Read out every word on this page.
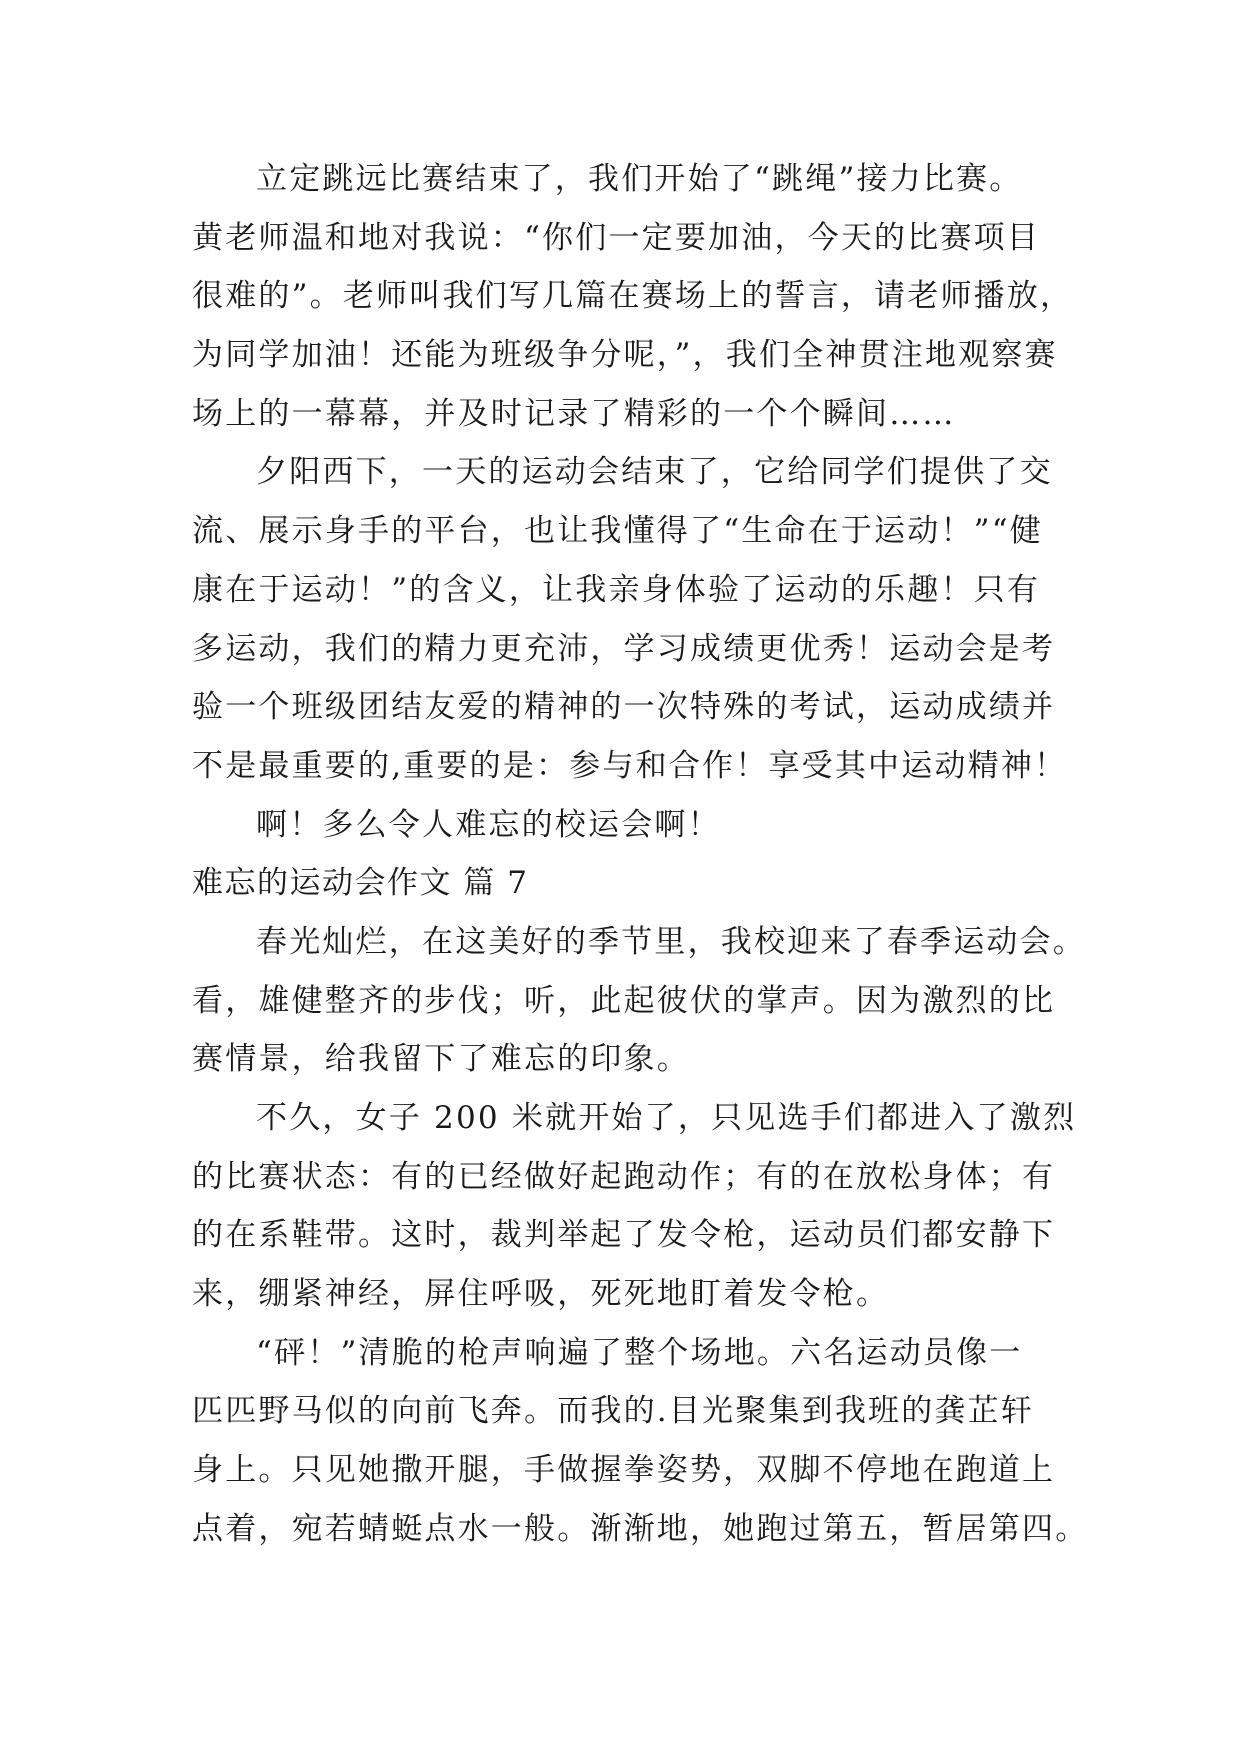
立定跳远比赛结束了，我们开始了“跳绳”接力比赛。
黄老师温和地对我说：“你们一定要加油，今天的比赛项目
很难的”。老师叫我们写几篇在赛场上的誓言，请老师播放，
为同学加油！还能为班级争分呢，”，我们全神贯注地观察赛
场上的一幕幕，并及时记录了精彩的一个个瞬间……
夕阳西下，一天的运动会结束了，它给同学们提供了交
流、展示身手的平台，也让我懂得了“生命在于运动！”“健
康在于运动！”的含义，让我亲身体验了运动的乐趣！只有
多运动，我们的精力更充沛，学习成绩更优秀！运动会是考
验一个班级团结友爱的精神的一次特殊的考试，运动成绩并
不是最重要的,重要的是：参与和合作！享受其中运动精神！
啊！多么令人难忘的校运会啊！
难忘的运动会作文 篇 7
春光灿烂，在这美好的季节里，我校迎来了春季运动会。
看，雄健整齐的步伐；听，此起彼伏的掌声。因为激烈的比
赛情景，给我留下了难忘的印象。
不久，女子 200 米就开始了，只见选手们都进入了激烈
的比赛状态：有的已经做好起跑动作；有的在放松身体；有
的在系鞋带。这时，裁判举起了发令枪，运动员们都安静下
来，绷紧神经，屏住呼吸，死死地盯着发令枪。
“砰！”清脆的枪声响遍了整个场地。六名运动员像一
匹匹野马似的向前飞奔。而我的.目光聚集到我班的龚芷轩
身上。只见她撒开腿，手做握拳姿势，双脚不停地在跑道上
点着，宛若蜻蜓点水一般。渐渐地，她跑过第五，暂居第四。
